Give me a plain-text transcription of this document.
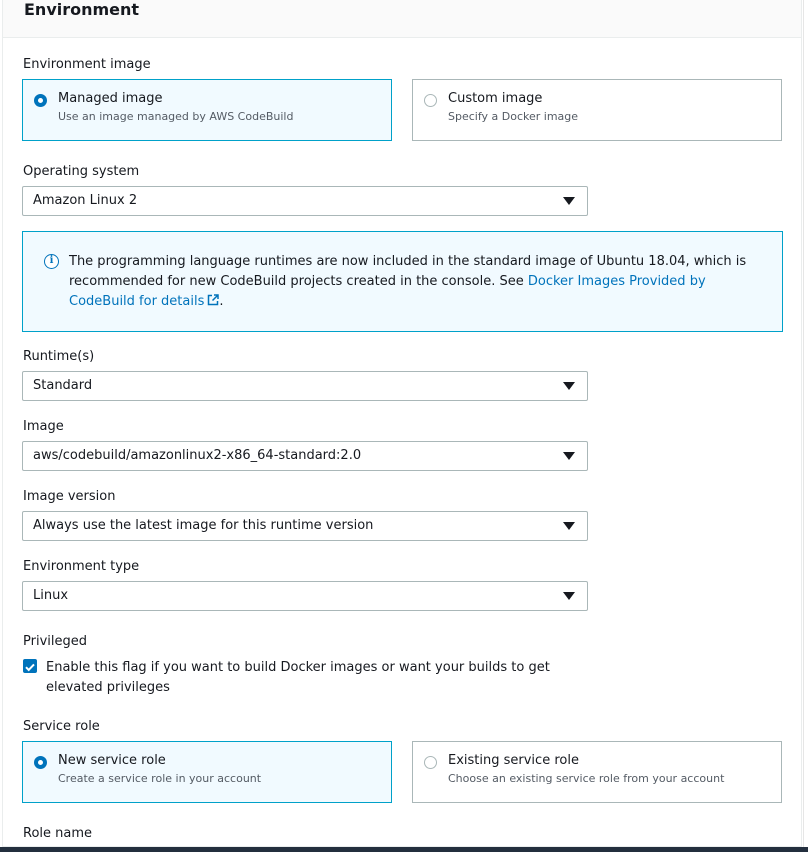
Environment
Environment image
Managed image
Use an image managed by AWS CodeBuild
Custom image
Specify a Docker image
Operating system
Amazon Linux 2
i	The programming language runtimes are now included in the standard image of Ubuntu 18.04, which is recommended for new CodeBuild projects created in the console. See Docker Images Provided by CodeBuild for details .
Runtime(s)
Standard
Image
aws/codebuild/amazonlinux2-x86_64-standard:2.0
Image version
Always use the latest image for this runtime version
Environment type
Linux
Privileged
Enable this flag if you want to build Docker images or want your builds to get elevated privileges
Service role
New service role
Create a service role in your account
Existing service role
Choose an existing service role from your account
Role name
